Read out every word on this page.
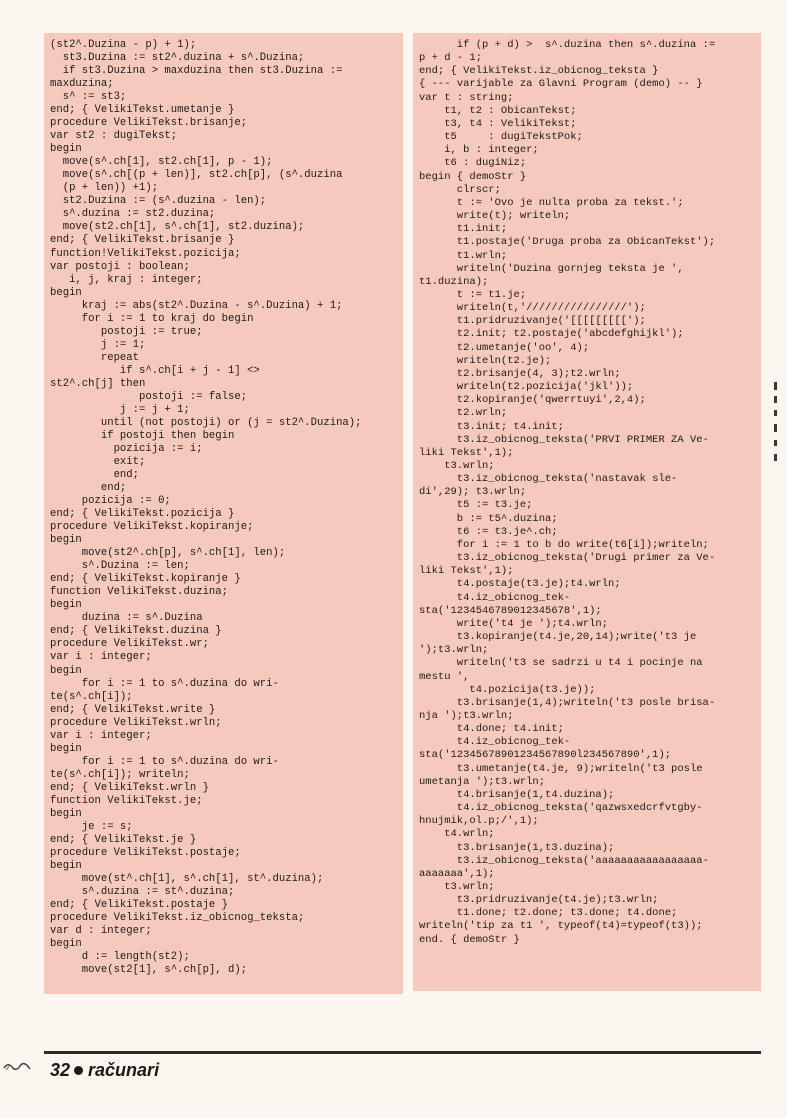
(st2^.Duzina - p) + 1);
st3.Duzina := st2^.duzina + s^.Duzina;
if st3.Duzina > maxduzina then st3.Duzina :=
maxduzina;
s^ := st3;
end; { VelikiTekst.umetanje }
procedure VelikiTekst.brisanje;
var st2 : dugiTekst;
begin
move(s^.ch[1], st2.ch[1], p - 1);
move(s^.ch[(p + len)], st2.ch[p], (s^.duzina
(p + len)) +1);
st2.Duzina := (s^.duzina - len);
s^.duzina := st2.duzina;
move(st2.ch[1], s^.ch[1], st2.duzina);
end; { VelikiTekst.brisanje }
function!VelikiTekst.pozicija;
var postoji : boolean;
i, j, kraj : integer;
begin
kraj := abs(st2^.Duzina - s^.Duzina) + 1;
for i := 1 to kraj do begin
postoji := true;
j := 1;
repeat
if s^.ch[i + j - 1] <>
st2^.ch[j] then
postoji := false;
j := j + 1;
until (not postoji) or (j = st2^.Duzina);
if postoji then begin
pozicija := i;
exit;
end;
end;
pozicija := 0;
end; { VelikiTekst.pozicija }
procedure VelikiTekst.kopiranje;
begin
move(st2^.ch[p], s^.ch[1], len);
s^.Duzina := len;
end; { VelikiTekst.kopiranje }
function VelikiTekst.duzina;
begin
duzina := s^.Duzina
end; { VelikiTekst.duzina }
procedure VelikiTekst.wr;
var i : integer;
begin
for i := 1 to s^.duzina do wri-
te(s^.ch[i]);
end; { VelikiTekst.write }
procedure VelikiTekst.wrln;
var i : integer;
begin
for i := 1 to s^.duzina do wri-
te(s^.ch[i]); writeln;
end; { VelikiTekst.wrln }
function VelikiTekst.je;
begin
je := s;
end; { VelikiTekst.je }
procedure VelikiTekst.postaje;
begin
move(st^.ch[1], s^.ch[1], st^.duzina);
s^.duzina := st^.duzina;
end; { VelikiTekst.postaje }
procedure VelikiTekst.iz_obicnog_teksta;
var d : integer;
begin
d := length(st2);
move(st2[1], s^.ch[p], d);
if (p + d) >  s^.duzina then s^.duzina :=
p + d - 1;
end; { VelikiTekst.iz_obicnog_teksta }
{ --- varijable za Glavni Program (demo) -- }
var t : string;
t1, t2 : ObicanTekst;
t3, t4 : VelikiTekst;
t5     : dugiTekstPok;
i, b : integer;
t6 : dugiNiz;
begin { demoStr }
clrscr;
t := 'Ovo je nulta proba za tekst.';
write(t); writeln;
t1.init;
t1.postaje('Druga proba za ObicanTekst');
t1.wrln;
writeln('Duzina gornjeg teksta je ',
t1.duzina);
t := t1.je;
writeln(t,'////////////////');
t1.pridruzivanje('[[[[[[[[[');
t2.init; t2.postaje('abcdefghijkl');
t2.umetanje('oo', 4);
writeln(t2.je);
t2.brisanje(4, 3);t2.wrln;
writeln(t2.pozicija('jkl'));
t2.kopiranje('qwerrtuyi',2,4);
t2.wrln;
t3.init; t4.init;
t3.iz_obicnog_teksta('PRVI PRIMER ZA Ve-
liki Tekst',1);
t3.wrln;
t3.iz_obicnog_teksta('nastavak sle-
di',29); t3.wrln;
t5 := t3.je;
b := t5^.duzina;
t6 := t3.je^.ch;
for i := 1 to b do write(t6[i]);writeln;
t3.iz_obicnog_teksta('Drugi primer za Ve-
liki Tekst',1);
t4.postaje(t3.je);t4.wrln;
t4.iz_obicnog_tek-
sta('1234546789012345678',1);
write('t4 je ');t4.wrln;
t3.kopiranje(t4.je,20,14);write('t3 je
');t3.wrln;
writeln('t3 se sadrzi u t4 i pocinje na
mestu ',
t4.pozicija(t3.je));
t3.brisanje(1,4);writeln('t3 posle brisa-
nja ');t3.wrln;
t4.done; t4.init;
t4.iz_obicnog_tek-
sta('12345678901234567890l234567890',1);
t3.umetanje(t4.je, 9);writeln('t3 posle
umetanja ');t3.wrln;
t4.brisanje(1,t4.duzina);
t4.iz_obicnog_teksta('qazwsxedcrfvtgby-
hnujmik,ol.p;/',1);
t4.wrln;
t3.brisanje(1,t3.duzina);
t3.iz_obicnog_teksta('aaaaaaaaaaaaaaaaa-
aaaaaaa',1);
t3.wrln;
t3.pridruzivanje(t4.je);t3.wrln;
t1.done; t2.done; t3.done; t4.done;
writeln('tip za t1 ', typeof(t4)=typeof(t3));
end. { demoStr }
32 računari
